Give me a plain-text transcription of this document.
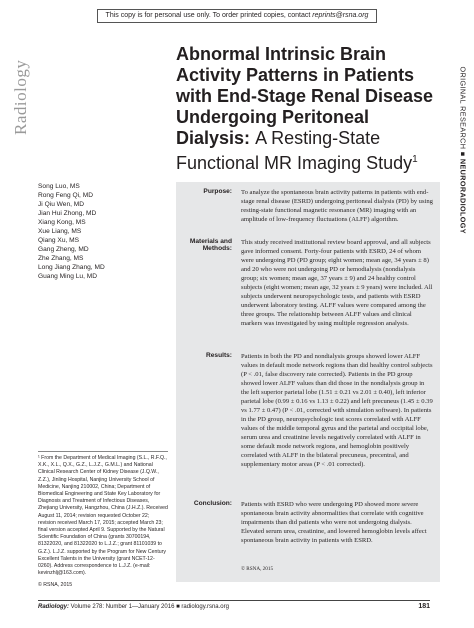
This copy is for personal use only. To order printed copies, contact reprints@rsna.org
Radiology	ORIGINAL RESEARCH ■ NEURORADIOLOGY
Abnormal Intrinsic Brain Activity Patterns in Patients with End-Stage Renal Disease Undergoing Peritoneal Dialysis: A Resting-State Functional MR Imaging Study$^1$
Song Luo, MS
Rong Feng Qi, MD
Ji Qiu Wen, MD
Jian Hui Zhong, MD
Xiang Kong, MS
Xue Liang, MS
Qiang Xu, MS
Gang Zheng, MD
Zhe Zhang, MS
Long Jiang Zhang, MD
Guang Ming Lu, MD
¹ From the Department of Medical Imaging (S.L., R.F.Q., X.K., X.L., Q.X., G.Z., L.J.Z., G.M.L.) and National Clinical Research Center of Kidney Disease (J.Q.W., Z.Z.), Jinling Hospital, Nanjing University School of Medicine, Nanjing 210002, China; Department of Biomedical Engineering and State Key Laboratory for Diagnosis and Treatment of Infectious Diseases, Zhejiang University, Hangzhou, China (J.H.Z.). Received August 11, 2014; revision requested October 22; revision received March 17, 2015; accepted March 23; final version accepted April 9. Supported by the Natural Scientific Foundation of China (grants 30700194, 81322020, and 81322020 to L.J.Z.; grant 81101039 to G.Z.). L.J.Z. supported by the Program for New Century Excellent Talents in the University (grant NCET-12-0260). Address correspondence to L.J.Z. (e-mail: kevinzhlj@163.com).
© RSNA, 2015
Purpose: To analyze the spontaneous brain activity patterns in patients with end-stage renal disease (ESRD) undergoing peritoneal dialysis (PD) by using resting-state functional magnetic resonance (MR) imaging with an amplitude of low-frequency fluctuations (ALFF) algorithm.
Materials and Methods:
This study received institutional review board approval, and all subjects gave informed consent. Forty-four patients with ESRD, 24 of whom were undergoing PD (PD group; eight women; mean age, 34 years ± 8) and 20 who were not undergoing PD or hemodialysis (nondialysis group; six women; mean age, 37 years ± 9) and 24 healthy control subjects (eight women; mean age, 32 years ± 9 years) were included. All subjects underwent neuropsychologic tests, and patients with ESRD underwent laboratory testing. ALFF values were compared among the three groups. The relationship between ALFF values and clinical markers was investigated by using multiple regression analysis.
Results: Patients in both the PD and nondialysis groups showed lower ALFF values in default mode network regions than did healthy control subjects (P < .01, false discovery rate corrected). Patients in the PD group showed lower ALFF values than did those in the nondialysis group in the left superior parietal lobe (1.51 ± 0.21 vs 2.01 ± 0.40), left inferior parietal lobe (0.99 ± 0.16 vs 1.13 ± 0.22) and left precuneus (1.45 ± 0.39 vs 1.77 ± 0.47) (P < .01, corrected with simulation software). In patients in the PD group, neuropsychologic test scores correlated with ALFF values of the middle temporal gyrus and the parietal and occipital lobe, serum urea and creatinine levels negatively correlated with ALFF in some default mode network regions, and hemoglobin positively correlated with ALFF in the bilateral precuneus, precentral, and supplementary motor areas (P < .01 corrected).
Conclusion: Patients with ESRD who were undergoing PD showed more severe spontaneous brain activity abnormalities that correlate with cognitive impairments than did patients who were not undergoing dialysis. Elevated serum urea, creatinine, and lowered hemoglobin levels affect spontaneous brain activity in patients with ESRD.
© RSNA, 2015
Radiology: Volume 278: Number 1—January 2016 ■ radiology.rsna.org	181
